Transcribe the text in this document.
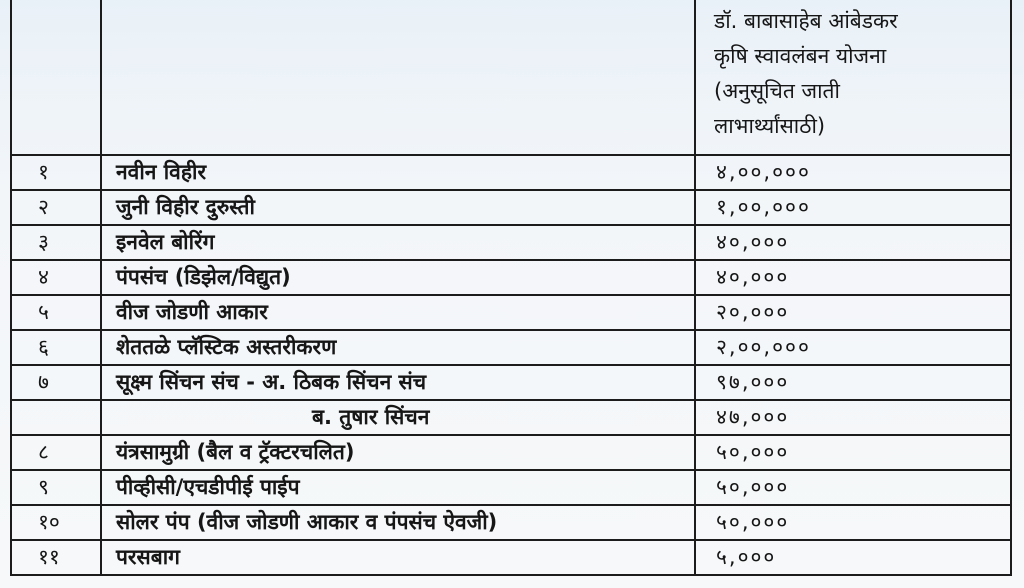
		डॉ. बाबासाहेब आंबेडकर
कृषि स्वावलंबन योजना
(अनुसूचित जाती
लाभार्थ्यांसाठी)

१	नवीन विहीर	४,००,०००
२	जुनी विहीर दुरुस्ती	१,००,०००
३	इनवेल बोरिंग	४०,०००
४	पंपसंच (डिझेल/विद्युत)	४०,०००
५	वीज जोडणी आकार	२०,०००
६	शेततळे प्लॅस्टिक अस्तरीकरण	२,००,०००
७	सूक्ष्म सिंचन संच - अ. ठिबक सिंचन संच	९७,०००
	ब. तुषार सिंचन	४७,०००
८	यंत्रसामुग्री (बैल व ट्रॅक्टरचलित)	५०,०००
९	पीव्हीसी/एचडीपीई पाईप	५०,०००
१०	सोलर पंप (वीज जोडणी आकार व पंपसंच ऐवजी)	५०,०००
११	परसबाग	५,०००
